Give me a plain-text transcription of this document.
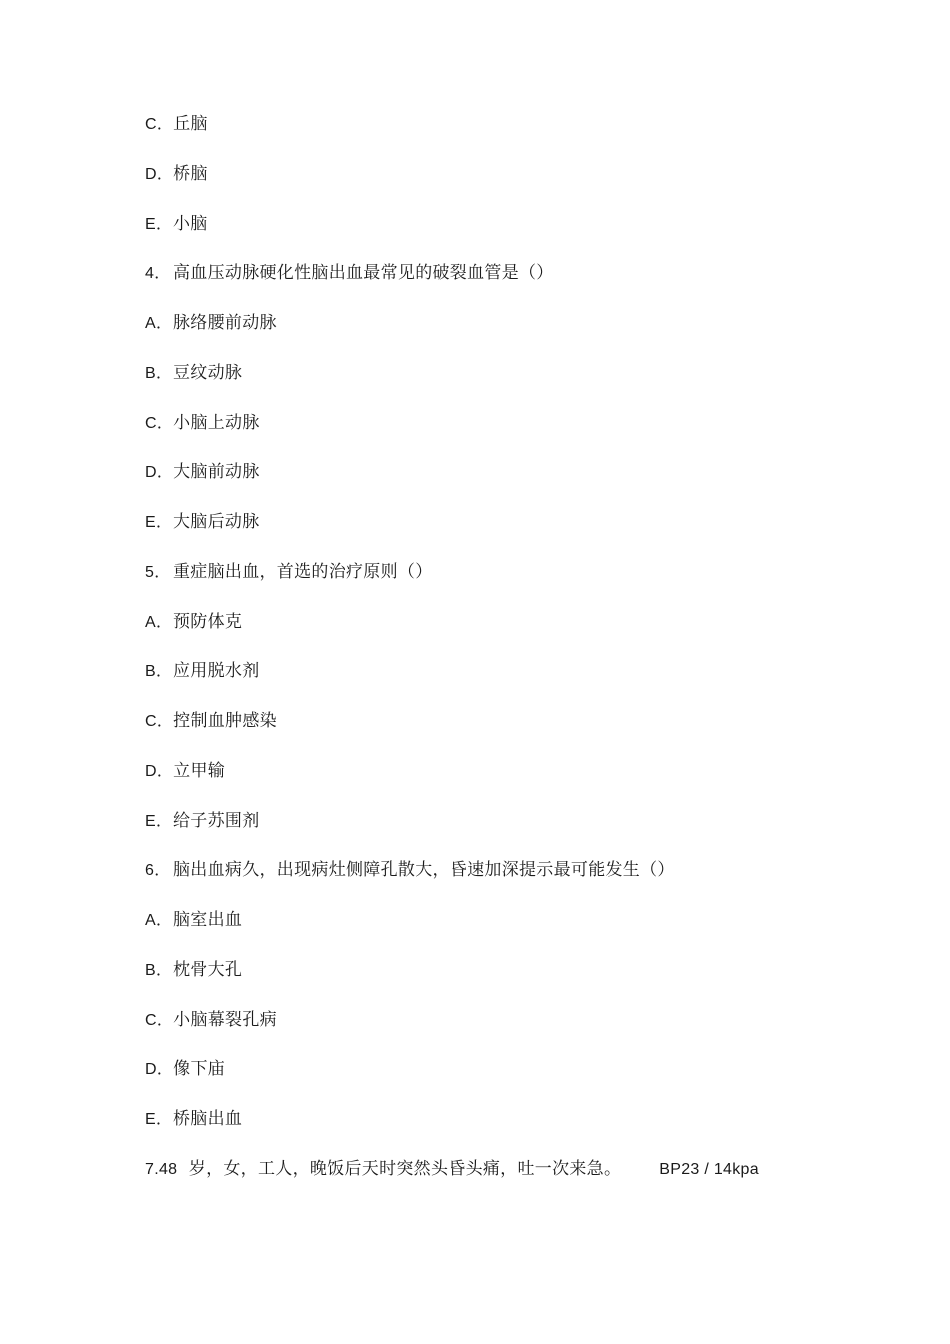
C．丘脑
D．桥脑
E．小脑
4． 高血压动脉硬化性脑出血最常见的破裂血管是（）
A．脉络腰前动脉
B．豆纹动脉
C．小脑上动脉
D．大脑前动脉
E．大脑后动脉
5． 重症脑出血，首选的治疗原则（）
A．预防体克
B．应用脱水剂
C．控制血肿感染
D．立甲输
E．给子苏围剂
6． 脑出血病久，出现病灶侧障孔散大，昏速加深提示最可能发生（）
A．脑室出血
B．枕骨大孔
C．小脑幕裂孔病
D．像下庙
E．桥脑出血
7.48 岁，女，工人，晚饭后天时突然头昏头痛，吐一次来急。 BP23 / 14kpa
